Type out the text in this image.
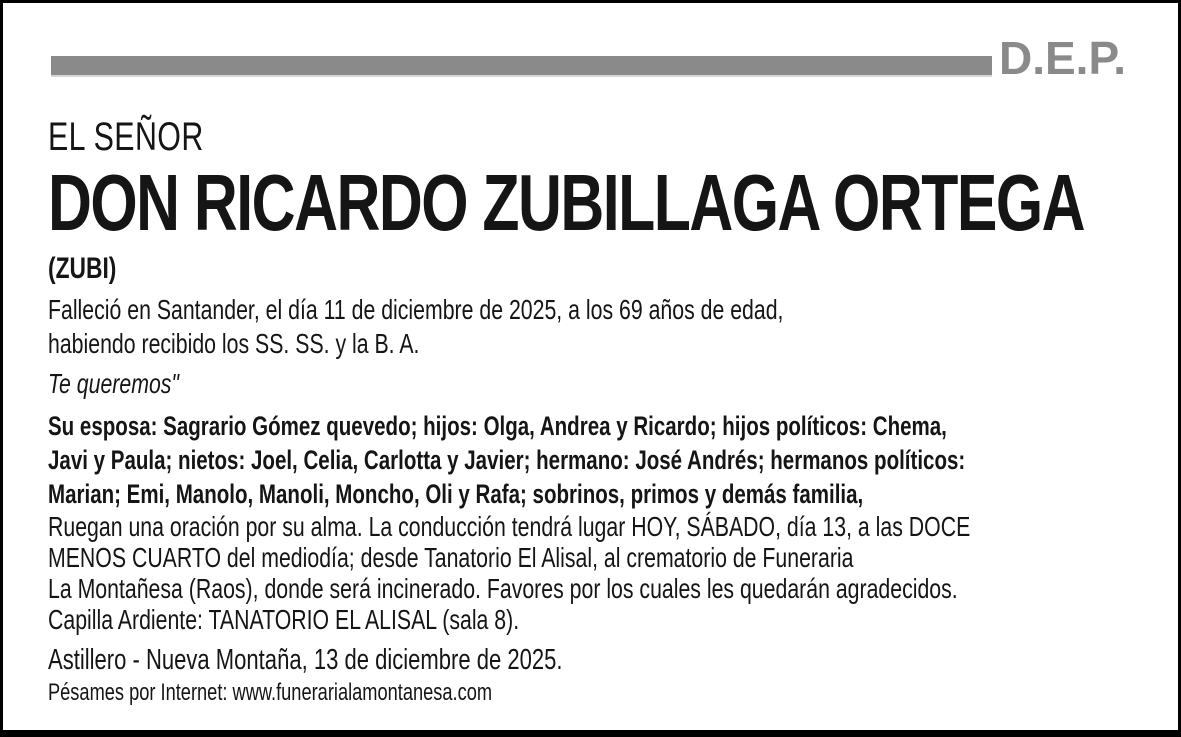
D.E.P.
EL SEÑOR
DON RICARDO ZUBILLAGA ORTEGA
(ZUBI)
Falleció en Santander, el día 11 de diciembre de 2025, a los 69 años de edad,
habiendo recibido los SS. SS. y la B. A.
Te queremos"
Su esposa: Sagrario Gómez quevedo; hijos: Olga, Andrea y Ricardo; hijos políticos: Chema,
Javi y Paula; nietos: Joel, Celia, Carlotta y Javier; hermano: José Andrés; hermanos políticos:
Marian; Emi, Manolo, Manoli, Moncho, Oli y Rafa; sobrinos, primos y demás familia,
Ruegan una oración por su alma. La conducción tendrá lugar HOY, SÁBADO, día 13, a las DOCE
MENOS CUARTO del mediodía; desde Tanatorio El Alisal, al crematorio de Funeraria
La Montañesa (Raos), donde será incinerado. Favores por los cuales les quedarán agradecidos.
Capilla Ardiente: TANATORIO EL ALISAL (sala 8).
Astillero - Nueva Montaña, 13 de diciembre de 2025.
Pésames por Internet: www.funerarialamontanesa.com
